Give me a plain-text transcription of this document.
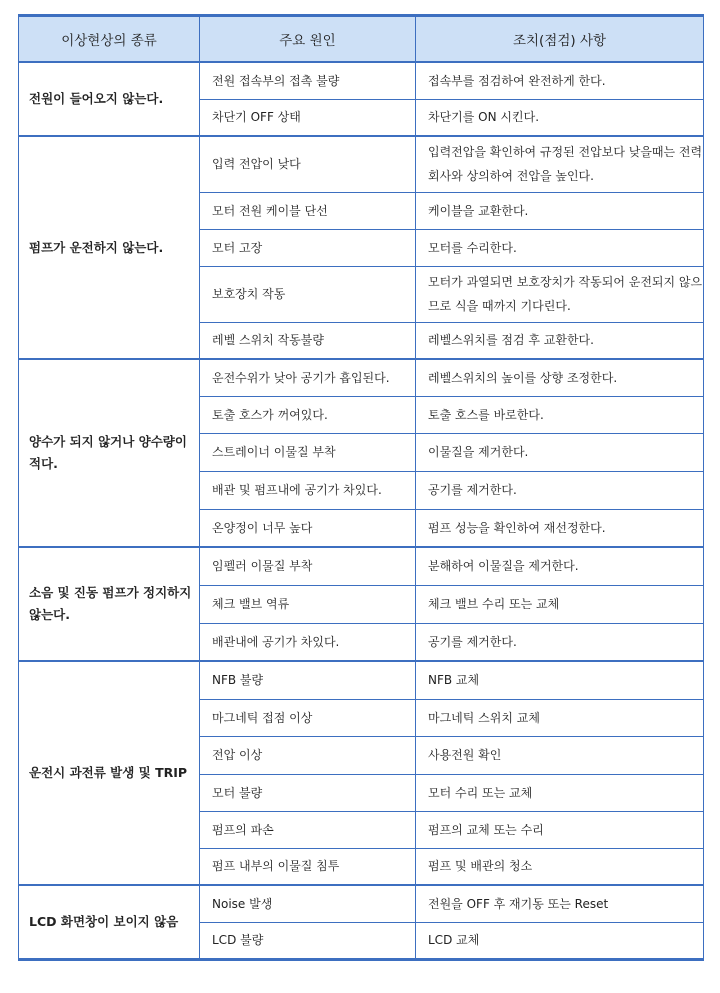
이상현상의 종류	주요 원인	조치(점검) 사항
전원이 들어오지 않는다.	전원 접속부의 접촉 불량	접속부를 점검하여 완전하게 한다.
	차단기 OFF 상태	차단기를 ON 시킨다.
펌프가 운전하지 않는다.	입력 전압이 낮다	입력전압을 확인하여 규정된 전압보다 낮을때는 전력회사와 상의하여 전압을 높인다.
	모터 전원 케이블 단선	케이블을 교환한다.
	모터 고장	모터를 수리한다.
	보호장치 작동	모터가 과열되면 보호장치가 작동되어 운전되지 않으므로 식을 때까지 기다린다.
	레벨 스위치 작동불량	레벨스위치를 점검 후 교환한다.
양수가 되지 않거나 양수량이 적다.	운전수위가 낮아 공기가 흡입된다.	레벨스위치의 높이를 상향 조정한다.
	토출 호스가 꺼여있다.	토출 호스를 바로한다.
	스트레이너 이물질 부착	이물질을 제거한다.
	배관 및 펌프내에 공기가 차있다.	공기를 제거한다.
	온양정이 너무 높다	펌프 성능을 확인하여 재선정한다.
소음 및 진동 펌프가 정지하지 않는다.	임펠러 이물질 부착	분해하여 이물질을 제거한다.
	체크 밸브 역류	체크 밸브 수리 또는 교체
	배관내에 공기가 차있다.	공기를 제거한다.
운전시 과전류 발생 및 TRIP	NFB 불량	NFB 교체
	마그네틱 접점 이상	마그네틱 스위치 교체
	전압 이상	사용전원 확인
	모터 불량	모터 수리 또는 교체
	펌프의 파손	펌프의 교체 또는 수리
	펌프 내부의 이물질 침투	펌프 및 배관의 청소
LCD 화면창이 보이지 않음	Noise 발생	전원을 OFF 후 재기동 또는 Reset
	LCD 불량	LCD 교체
